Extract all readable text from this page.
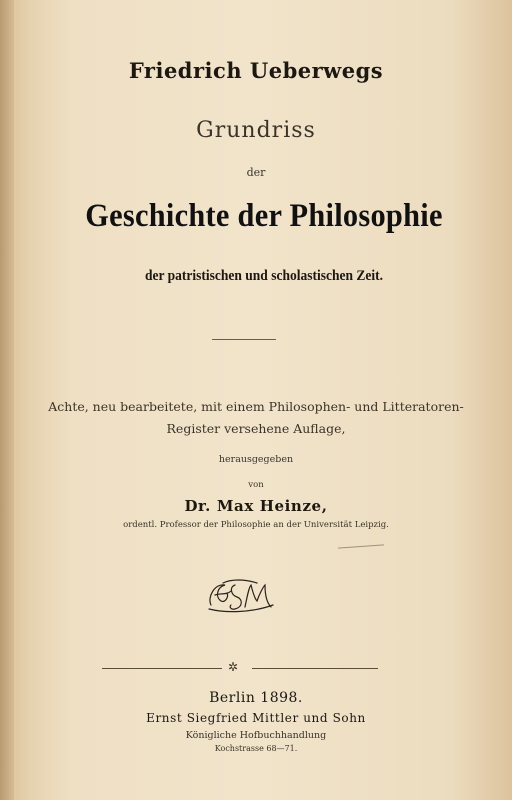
Friedrich Ueberwegs
Grundriss
der
Geschichte der Philosophie
der patristischen und scholastischen Zeit.
Achte, neu bearbeitete, mit einem Philosophen- und Litteratoren-
Register versehene Auflage,
herausgegeben
von
Dr. Max Heinze,
ordentl. Professor der Philosophie an der Universität Leipzig.
✲
Berlin 1898.
Ernst Siegfried Mittler und Sohn
Königliche Hofbuchhandlung
Kochstrasse 68—71.
